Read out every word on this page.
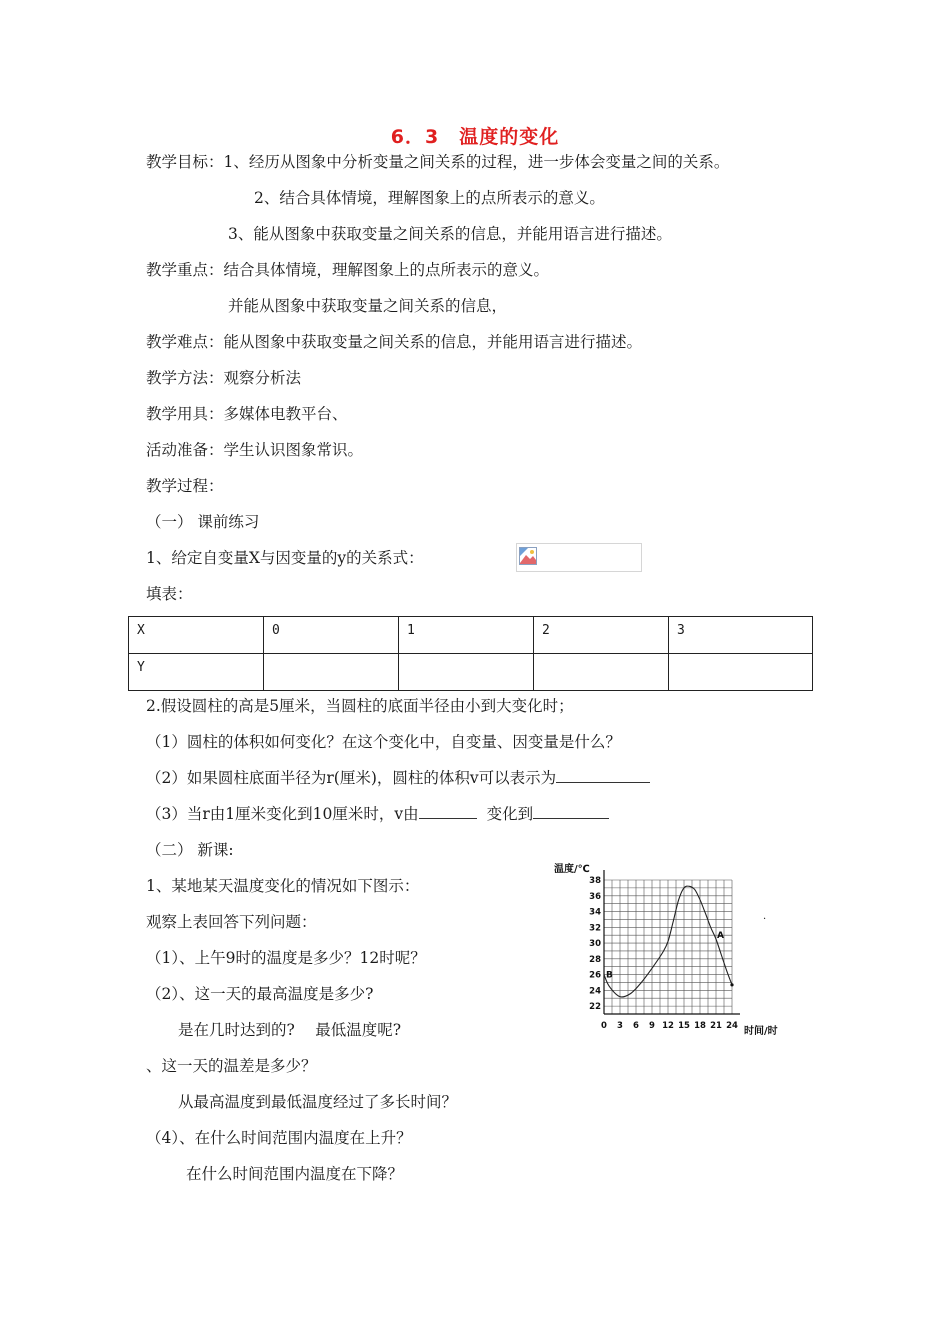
6．3　温度的变化
教学目标：1、经历从图象中分析变量之间关系的过程，进一步体会变量之间的关系。
2、结合具体情境，理解图象上的点所表示的意义。
3、能从图象中获取变量之间关系的信息，并能用语言进行描述。
教学重点：结合具体情境，理解图象上的点所表示的意义。
并能从图象中获取变量之间关系的信息，
教学难点：能从图象中获取变量之间关系的信息，并能用语言进行描述。
教学方法：观察分析法
教学用具：多媒体电教平台、
活动准备：学生认识图象常识。
教学过程：
（一） 课前练习
1、给定自变量X与因变量的y的关系式：
填表：
X	0	1	2	3
Y				
2.假设圆柱的高是5厘米，当圆柱的底面半径由小到大变化时；
（1）圆柱的体积如何变化？在这个变化中，自变量、因变量是什么？
（2）如果圆柱底面半径为r(厘米)，圆柱的体积v可以表示为
（3）当r由1厘米变化到10厘米时，v由	变化到
（二） 新课:
1、某地某天温度变化的情况如下图示：
观察上表回答下列问题：
（1）、上午9时的温度是多少？12时呢？
（2）、这一天的最高温度是多少?
是在几时达到的?　 最低温度呢?
、这一天的温差是多少？
从最高温度到最低温度经过了多长时间？
（4）、在什么时间范围内温度在上升？
在什么时间范围内温度在下降？
0 3 6 9 12 15 18 21 24
22
24
26
28
30
32
34
36
38
温度/℃
时间/时
A
B
·
